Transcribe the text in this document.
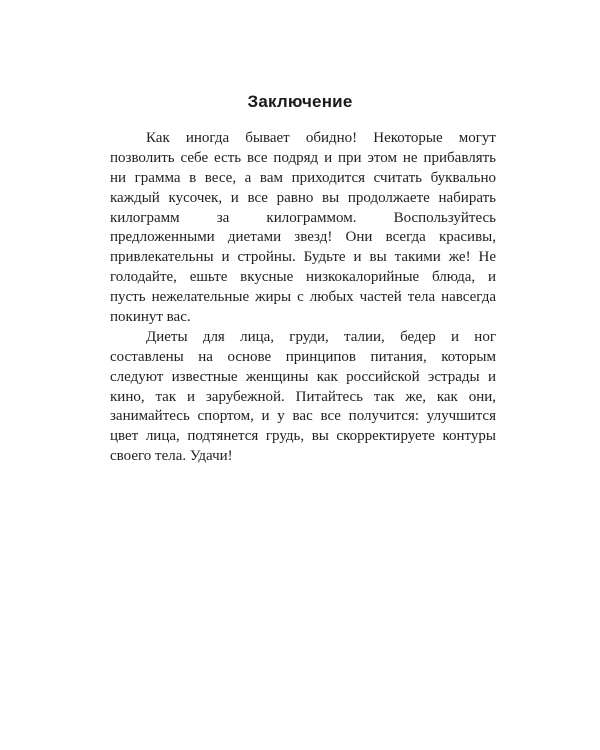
Заключение
Как иногда бывает обидно! Некоторые могут
позволить себе есть все подряд и при этом не прибавлять
ни грамма в весе, а вам приходится считать буквально
каждый кусочек, и все равно вы продолжаете набирать
килограмм за килограммом. Воспользуйтесь
предложенными диетами звезд! Они всегда красивы,
привлекательны и стройны. Будьте и вы такими же! Не
голодайте, ешьте вкусные низкокалорийные блюда, и
пусть нежелательные жиры с любых частей тела навсегда
покинут вас.
Диеты для лица, груди, талии, бедер и ног
составлены на основе принципов питания, которым
следуют известные женщины как российской эстрады и
кино, так и зарубежной. Питайтесь так же, как они,
занимайтесь спортом, и у вас все получится: улучшится
цвет лица, подтянется грудь, вы скорректируете контуры
своего тела. Удачи!
